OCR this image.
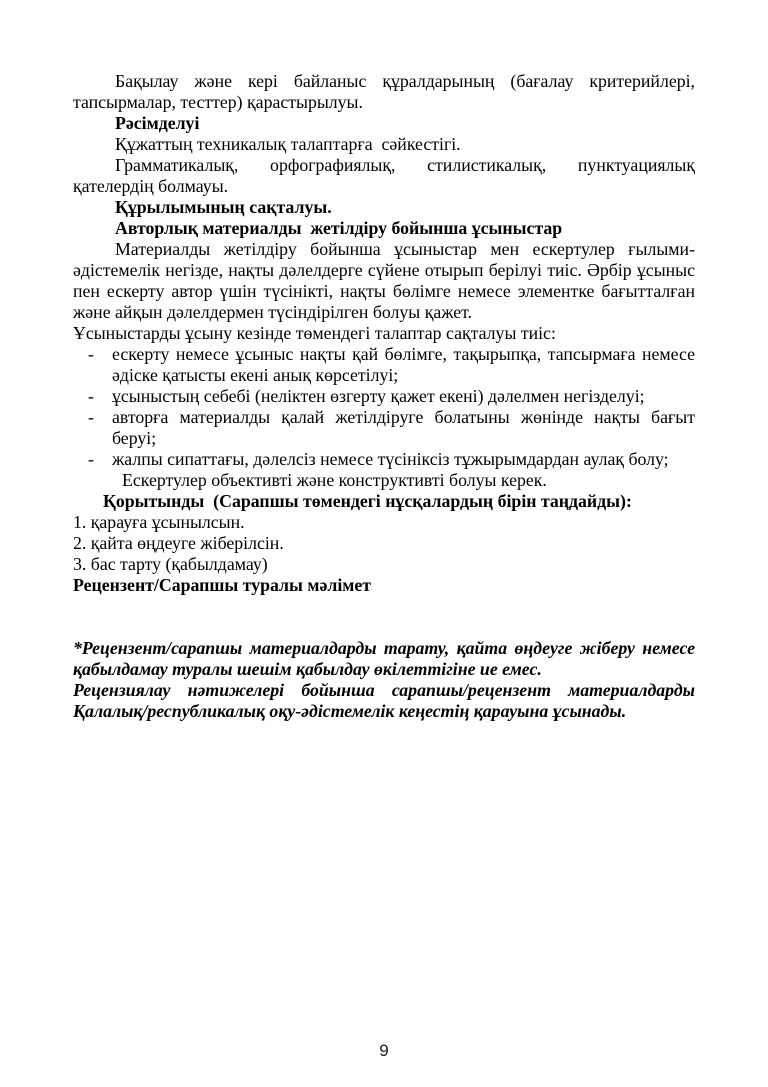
Бақылау және кері байланыс құралдарының (бағалау критерийлері,
тапсырмалар, тесттер) қарастырылуы.
Рәсімделуі
Құжаттың техникалық талаптарға  сәйкестігі.
Грамматикалық, орфографиялық, стилистикалық, пунктуациялық
қателердің болмауы.
Құрылымының сақталуы.
Авторлық материалды  жетілдіру бойынша ұсыныстар
Материалды жетілдіру бойынша ұсыныстар мен ескертулер ғылыми-
әдістемелік негізде, нақты дәлелдерге сүйене отырып берілуі тиіс. Әрбір ұсыныс
пен ескерту автор үшін түсінікті, нақты бөлімге немесе элементке бағытталған
және айқын дәлелдермен түсіндірілген болуы қажет.
Ұсыныстарды ұсыну кезінде төмендегі талаптар сақталуы тиіс:
- ескерту немесе ұсыныс нақты қай бөлімге, тақырыпқа, тапсырмаға немесе
әдіске қатысты екені анық көрсетілуі;
- ұсыныстың себебі (неліктен өзгерту қажет екені) дәлелмен негізделуі;
- авторға материалды қалай жетілдіруге болатыны жөнінде нақты бағыт
беруі;
- жалпы сипаттағы, дәлелсіз немесе түсініксіз тұжырымдардан аулақ болу;
Ескертулер объективті және конструктивті болуы керек.
Қорытынды  (Сарапшы төмендегі нұсқалардың бірін таңдайды):
1. қарауға ұсынылсын.
2. қайта өңдеуге жіберілсін.
3. бас тарту (қабылдамау)
Рецензент/Сарапшы туралы мәлімет
*Рецензент/сарапшы материалдарды тарату, қайта өңдеуге жіберу немесе
қабылдамау туралы шешім қабылдау өкілеттігіне ие емес.
Рецензиялау нәтижелері бойынша сарапшы/рецензент материалдарды
Қалалық/республикалық оқу-әдістемелік кеңестің қарауына ұсынады.
9
